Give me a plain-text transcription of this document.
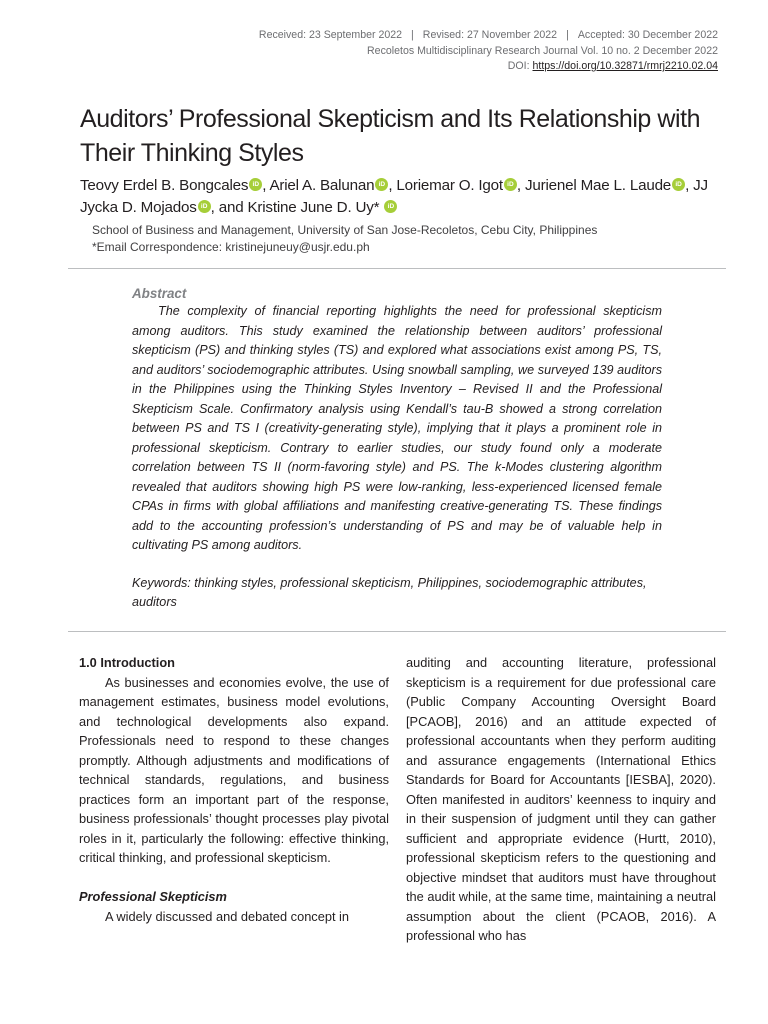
Received: 23 September 2022 | Revised: 27 November 2022 | Accepted: 30 December 2022
Recoletos Multidisciplinary Research Journal Vol. 10 no. 2 December 2022
DOI: https://doi.org/10.32871/rmrj2210.02.04
Auditors’ Professional Skepticism and Its Relationship with Their Thinking Styles
Teovy Erdel B. Bongcales iD , Ariel A. Balunan iD , Loriemar O. Igot iD , Jurienel Mae L. Laude iD , JJ Jycka D. Mojados iD , and Kristine June D. Uy* iD
School of Business and Management, University of San Jose-Recoletos, Cebu City, Philippines
*Email Correspondence: kristinejuneuy@usjr.edu.ph
Abstract

The complexity of financial reporting highlights the need for professional skepticism among auditors. This study examined the relationship between auditors’ professional skepticism (PS) and thinking styles (TS) and explored what associations exist among PS, TS, and auditors’ sociodemographic attributes. Using snowball sampling, we surveyed 139 auditors in the Philippines using the Thinking Styles Inventory – Revised II and the Professional Skepticism Scale. Confirmatory analysis using Kendall’s tau-B showed a strong correlation between PS and TS I (creativity-generating style), implying that it plays a prominent role in professional skepticism. Contrary to earlier studies, our study found only a moderate correlation between TS II (norm-favoring style) and PS. The k-Modes clustering algorithm revealed that auditors showing high PS were low-ranking, less-experienced licensed female CPAs in firms with global affiliations and manifesting creative-generating TS. These findings add to the accounting profession’s understanding of PS and may be of valuable help in cultivating PS among auditors.

Keywords: thinking styles, professional skepticism, Philippines, sociodemographic attributes, auditors

1.0 Introduction

As businesses and economies evolve, the use of management estimates, business model evolutions, and technological developments also expand. Professionals need to respond to these changes promptly. Although adjustments and modifications of technical standards, regulations, and business practices form an important part of the response, business professionals’ thought processes play pivotal roles in it, particularly the following: effective thinking, critical thinking, and professional skepticism.

Professional Skepticism

A widely discussed and debated concept in

auditing and accounting literature, professional skepticism is a requirement for due professional care (Public Company Accounting Oversight Board [PCAOB], 2016) and an attitude expected of professional accountants when they perform auditing and assurance engagements (International Ethics Standards for Board for Accountants [IESBA], 2020). Often manifested in auditors’ keenness to inquiry and in their suspension of judgment until they can gather sufficient and appropriate evidence (Hurtt, 2010), professional skepticism refers to the questioning and objective mindset that auditors must have throughout the audit while, at the same time, maintaining a neutral assumption about the client (PCAOB, 2016). A professional who has
